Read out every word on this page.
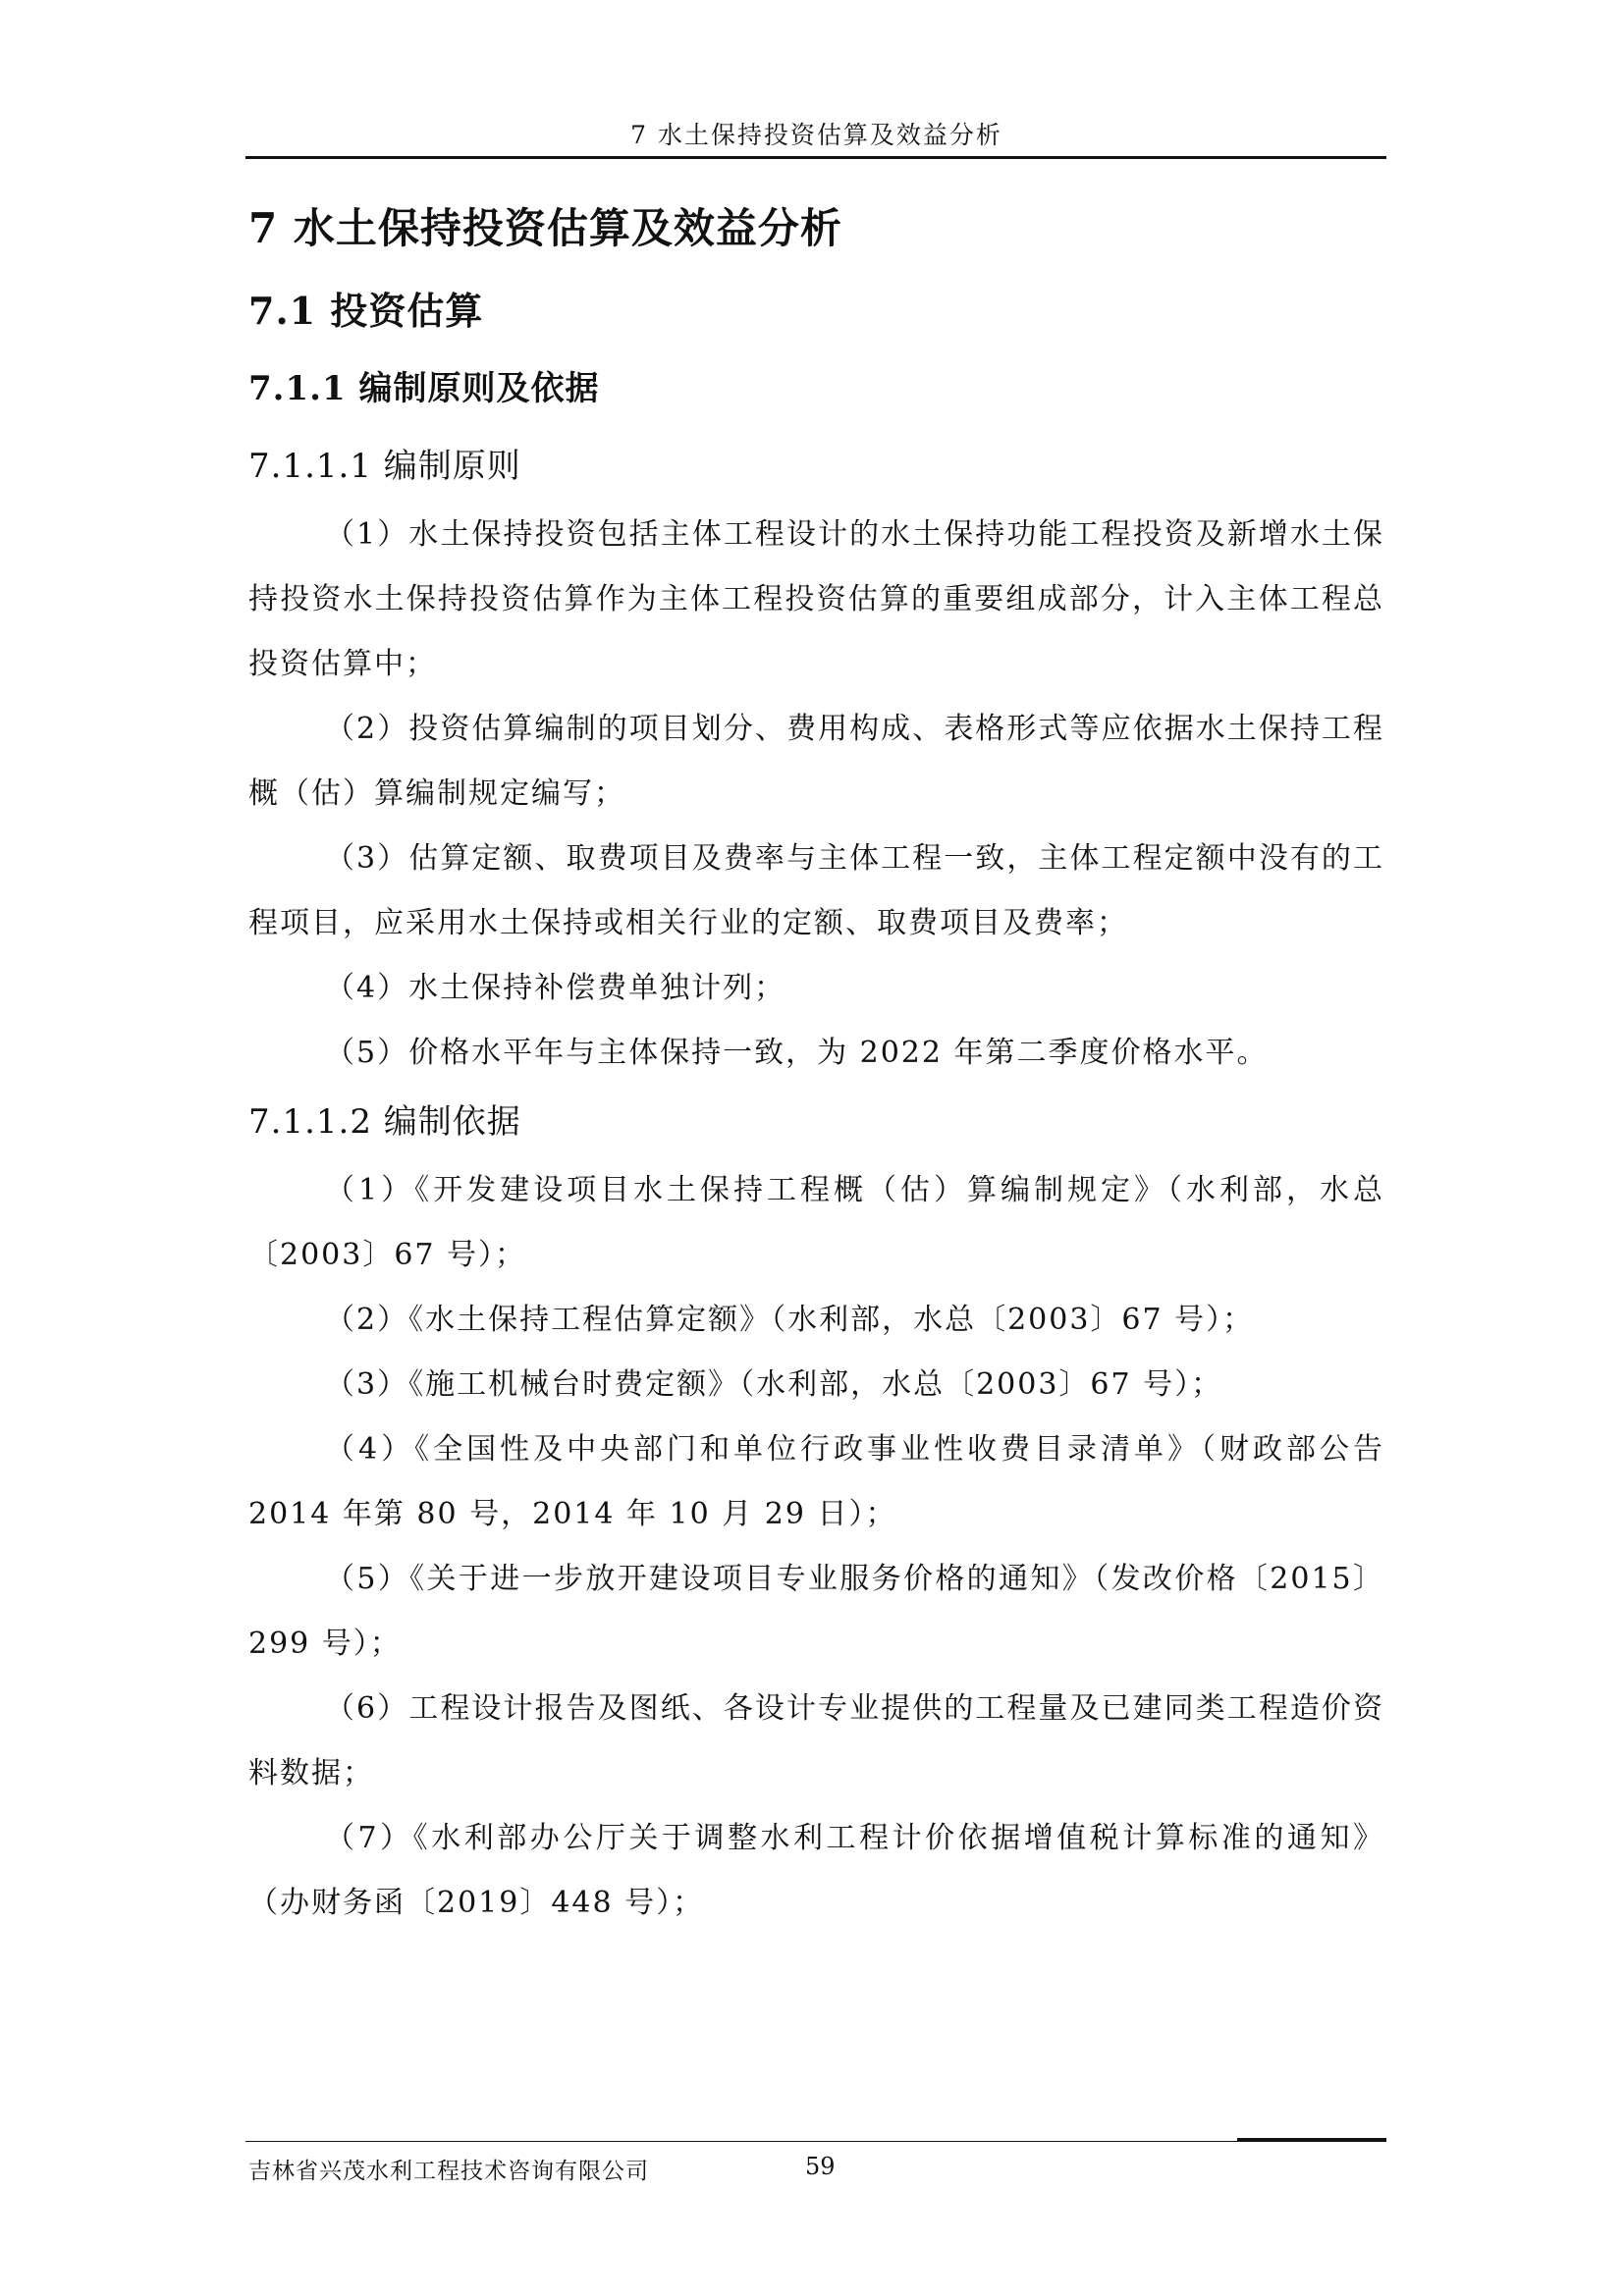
7 水土保持投资估算及效益分析
7 水土保持投资估算及效益分析
7.1 投资估算
7.1.1 编制原则及依据
7.1.1.1 编制原则

（1）水土保持投资包括主体工程设计的水土保持功能工程投资及新增水土保持投资水土保持投资估算作为主体工程投资估算的重要组成部分，计入主体工程总投资估算中；

（2）投资估算编制的项目划分、费用构成、表格形式等应依据水土保持工程概（估）算编制规定编写；

（3）估算定额、取费项目及费率与主体工程一致，主体工程定额中没有的工程项目，应采用水土保持或相关行业的定额、取费项目及费率；

（4）水土保持补偿费单独计列；

（5）价格水平年与主体保持一致，为 2022 年第二季度价格水平。

7.1.1.2 编制依据

（1）《开发建设项目水土保持工程概（估）算编制规定》（水利部，水总〔2003〕67 号）；

（2）《水土保持工程估算定额》（水利部，水总〔2003〕67 号）；

（3）《施工机械台时费定额》（水利部，水总〔2003〕67 号）；

（4）《全国性及中央部门和单位行政事业性收费目录清单》（财政部公告 2014 年第 80 号，2014 年 10 月 29 日）；

（5）《关于进一步放开建设项目专业服务价格的通知》（发改价格〔2015〕299 号）；

（6）工程设计报告及图纸、各设计专业提供的工程量及已建同类工程造价资料数据；

（7）《水利部办公厅关于调整水利工程计价依据增值税计算标准的通知》（办财务函〔2019〕448 号）；

吉林省兴茂水利工程技术咨询有限公司	59
